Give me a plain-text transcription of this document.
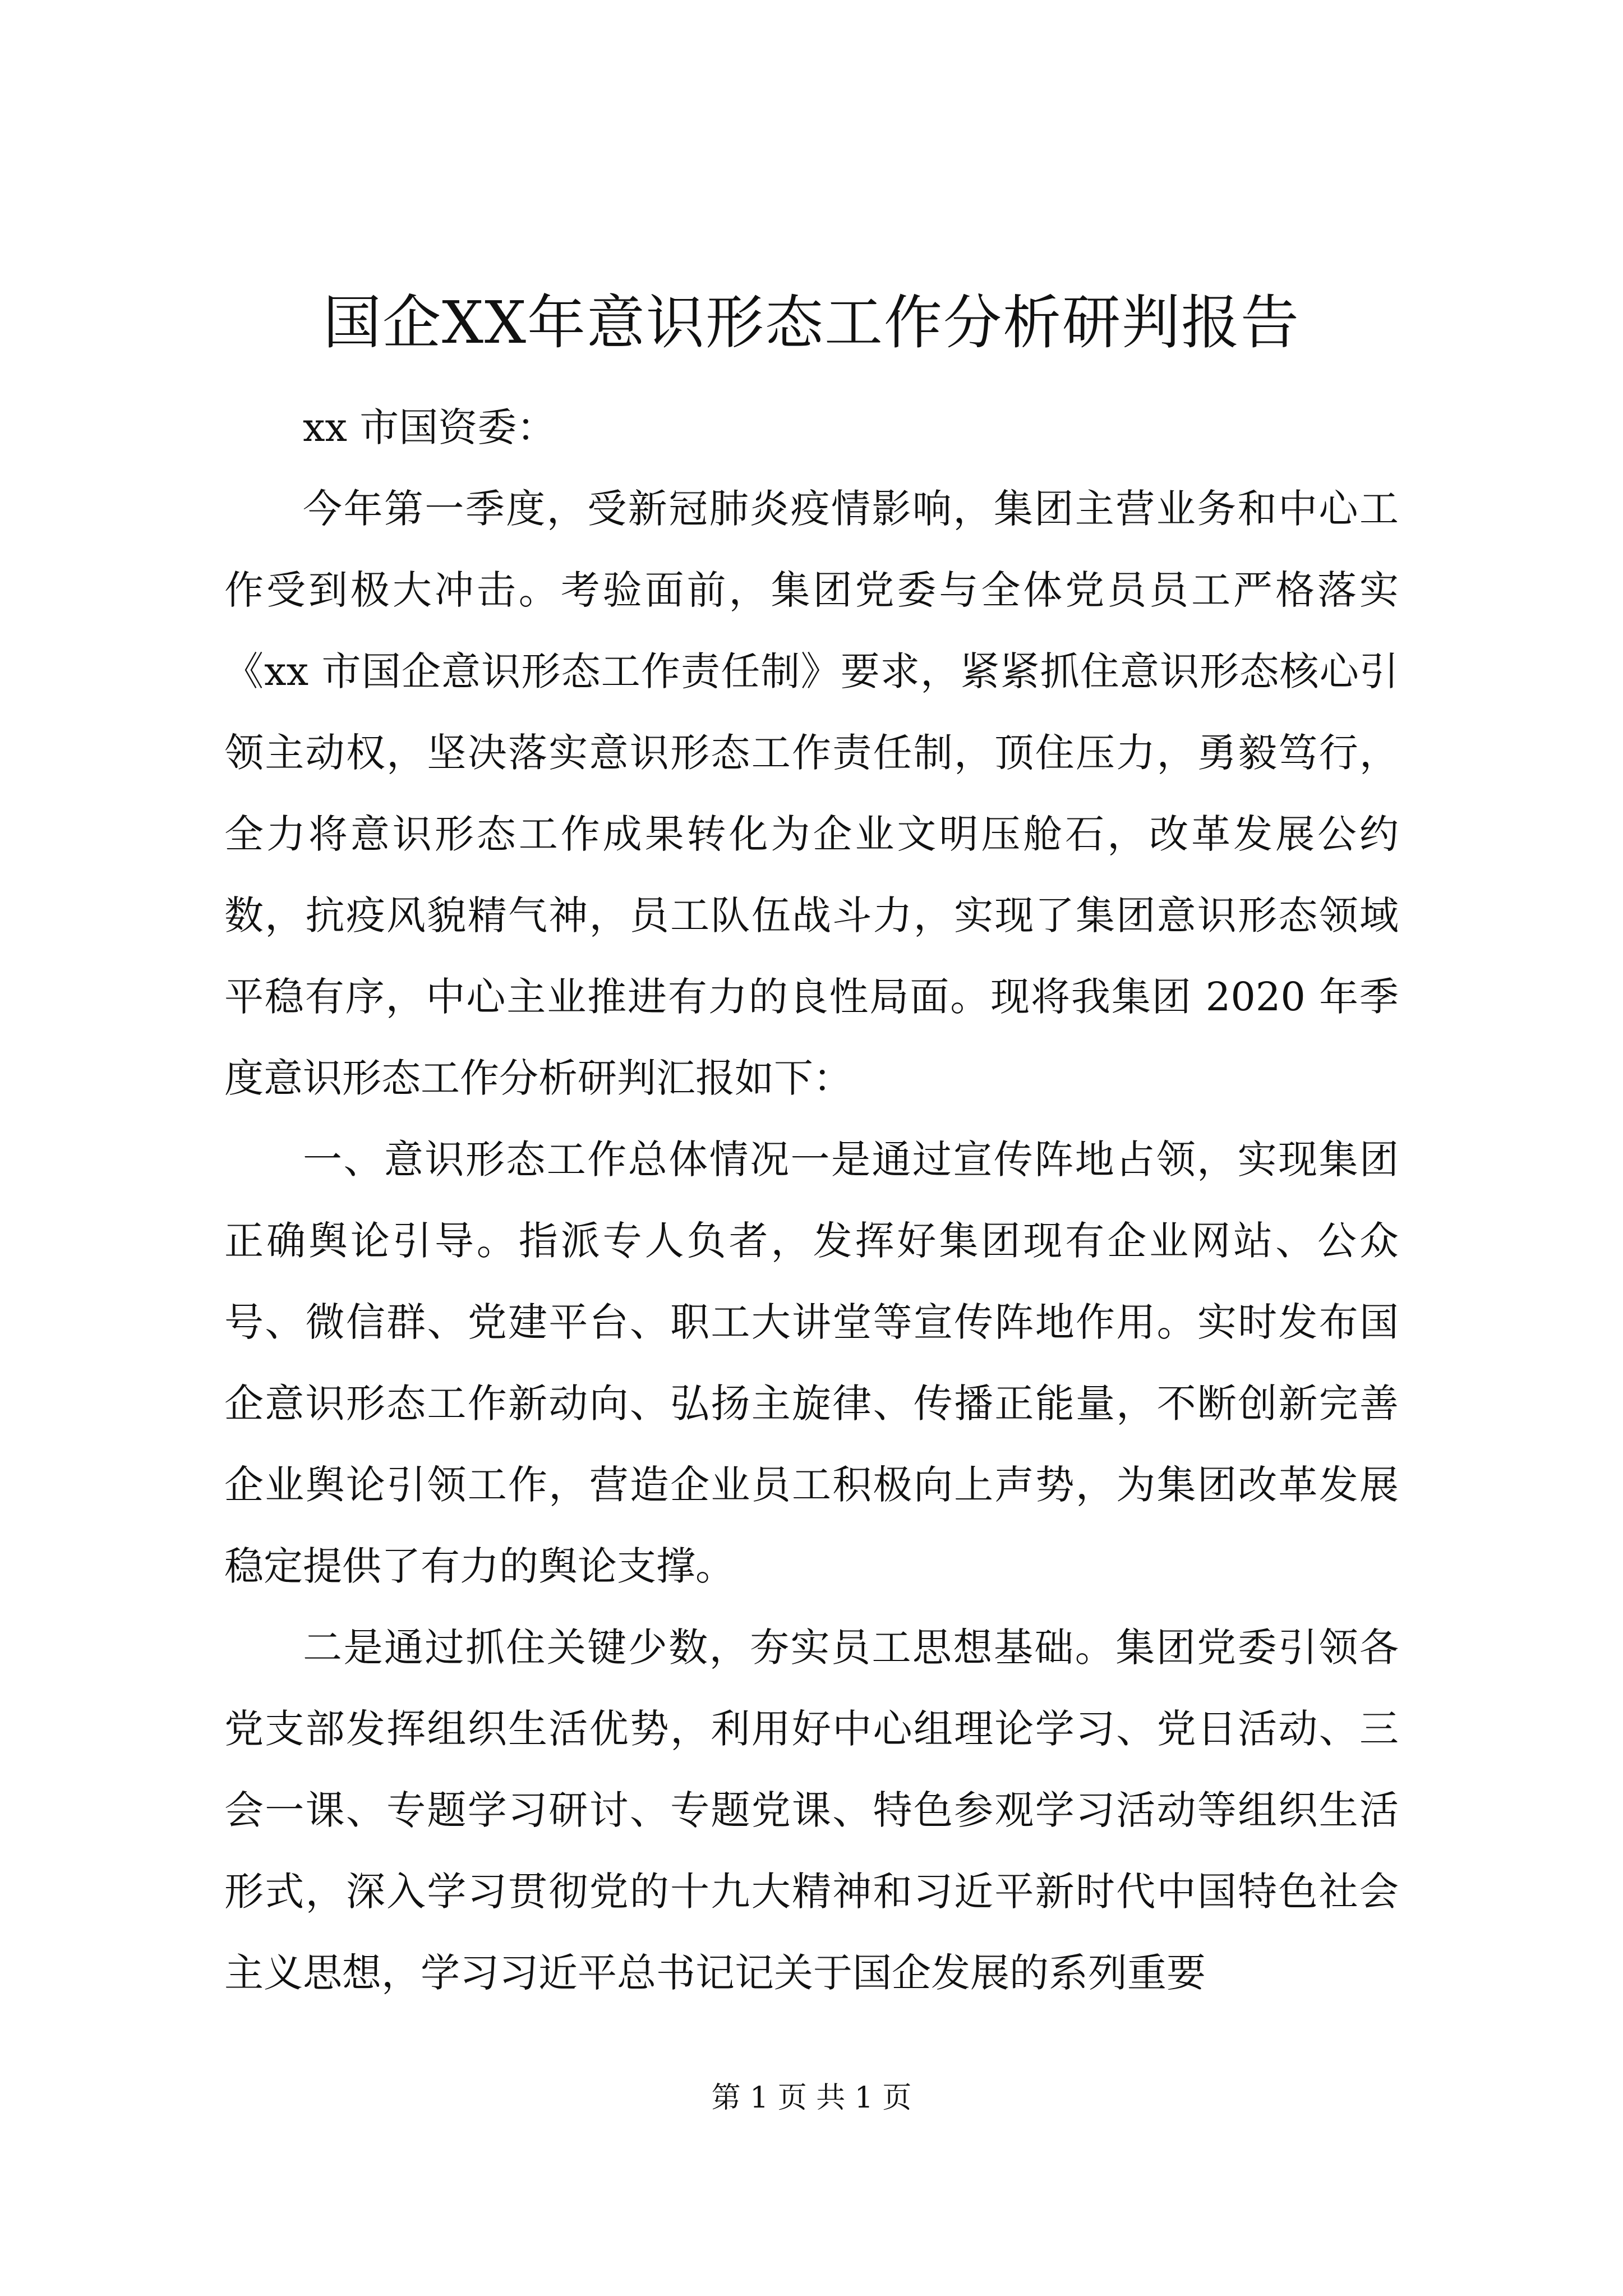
国企XX年意识形态工作分析研判报告

xx 市国资委：

今年第一季度，受新冠肺炎疫情影响，集团主营业务和中心工作受到极大冲击。考验面前，集团党委与全体党员员工严格落实《xx 市国企意识形态工作责任制》要求，紧紧抓住意识形态核心引领主动权，坚决落实意识形态工作责任制，顶住压力，勇毅笃行，全力将意识形态工作成果转化为企业文明压舱石，改革发展公约数，抗疫风貌精气神，员工队伍战斗力，实现了集团意识形态领域平稳有序，中心主业推进有力的良性局面。现将我集团 2020 年季度意识形态工作分析研判汇报如下：

一、意识形态工作总体情况一是通过宣传阵地占领，实现集团正确舆论引导。指派专人负者，发挥好集团现有企业网站、公众号、微信群、党建平台、职工大讲堂等宣传阵地作用。实时发布国企意识形态工作新动向、弘扬主旋律、传播正能量，不断创新完善企业舆论引领工作，营造企业员工积极向上声势，为集团改革发展稳定提供了有力的舆论支撑。

二是通过抓住关键少数，夯实员工思想基础。集团党委引领各党支部发挥组织生活优势，利用好中心组理论学习、党日活动、三会一课、专题学习研讨、专题党课、特色参观学习活动等组织生活形式，深入学习贯彻党的十九大精神和习近平新时代中国特色社会主义思想，学习习近平总书记记关于国企发展的系列重要

第 1 页 共 1 页
